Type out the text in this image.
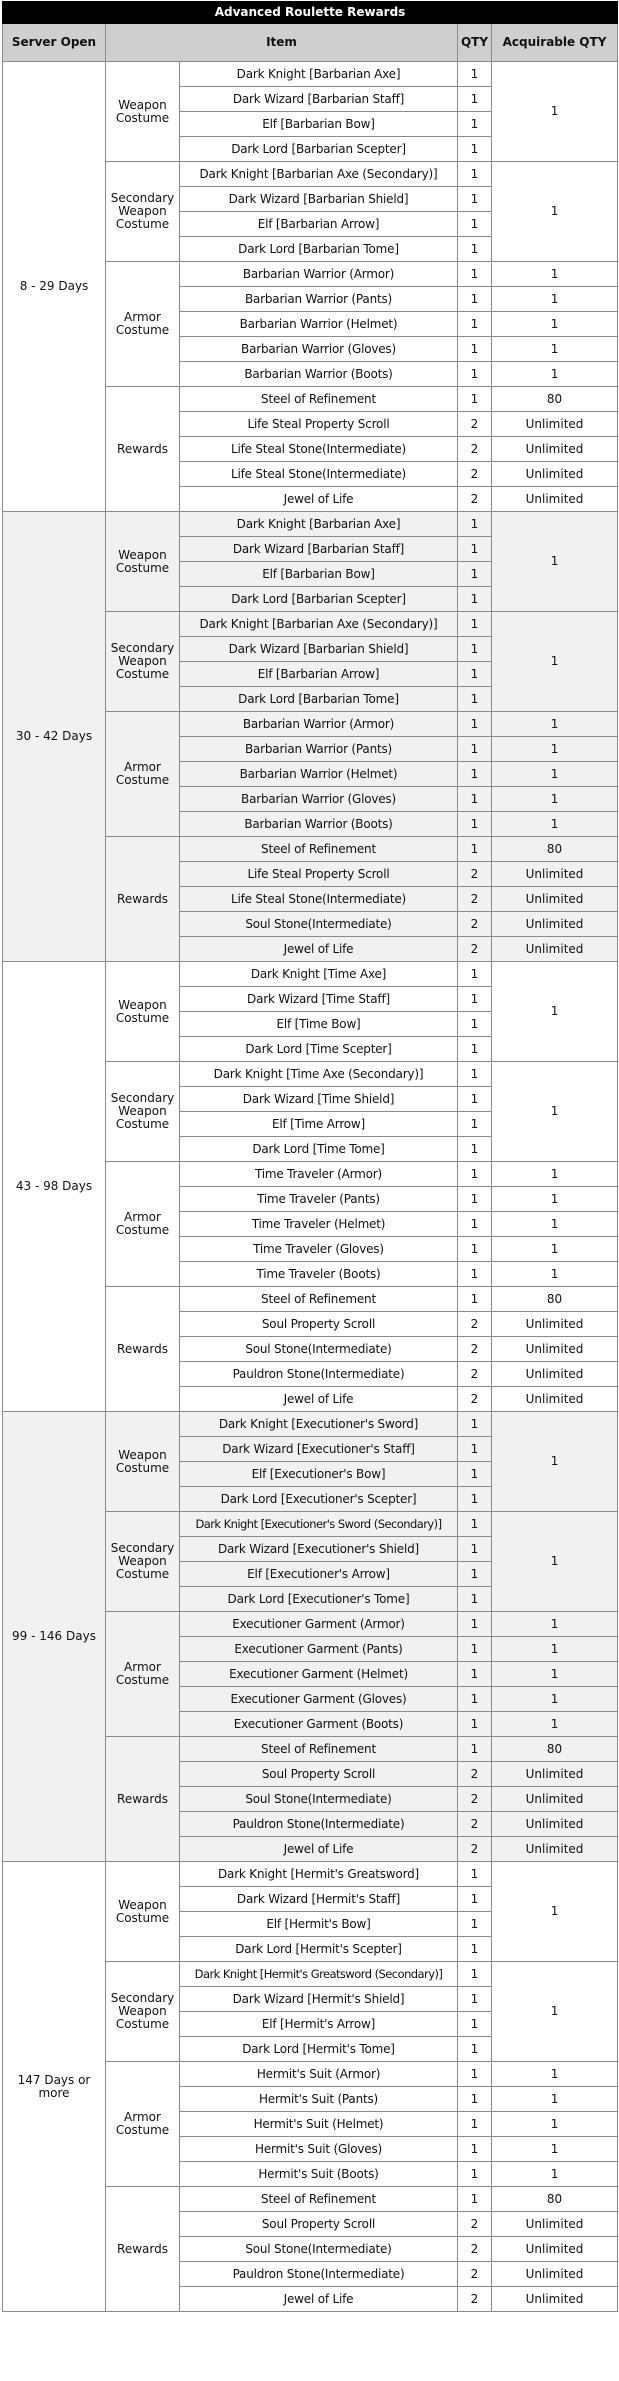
Advanced Roulette Rewards				
Server Open	Item		QTY	Acquirable QTY
8 - 29 Days	Weapon Costume	Dark Knight [Barbarian Axe]	1	1
		Dark Wizard [Barbarian Staff]	1	
		Elf [Barbarian Bow]	1	
		Dark Lord [Barbarian Scepter]	1	
	Secondary Weapon Costume	Dark Knight [Barbarian Axe (Secondary)]	1	1
		Dark Wizard [Barbarian Shield]	1	
		Elf [Barbarian Arrow]	1	
		Dark Lord [Barbarian Tome]	1	
	Armor Costume	Barbarian Warrior (Armor)	1	1
		Barbarian Warrior (Pants)	1	1
		Barbarian Warrior (Helmet)	1	1
		Barbarian Warrior (Gloves)	1	1
		Barbarian Warrior (Boots)	1	1
	Rewards	Steel of Refinement	1	80
		Life Steal Property Scroll	2	Unlimited
		Life Steal Stone(Intermediate)	2	Unlimited
		Life Steal Stone(Intermediate)	2	Unlimited
		Jewel of Life	2	Unlimited
30 - 42 Days	Weapon Costume	Dark Knight [Barbarian Axe]	1	1
		Dark Wizard [Barbarian Staff]	1	
		Elf [Barbarian Bow]	1	
		Dark Lord [Barbarian Scepter]	1	
	Secondary Weapon Costume	Dark Knight [Barbarian Axe (Secondary)]	1	1
		Dark Wizard [Barbarian Shield]	1	
		Elf [Barbarian Arrow]	1	
		Dark Lord [Barbarian Tome]	1	
	Armor Costume	Barbarian Warrior (Armor)	1	1
		Barbarian Warrior (Pants)	1	1
		Barbarian Warrior (Helmet)	1	1
		Barbarian Warrior (Gloves)	1	1
		Barbarian Warrior (Boots)	1	1
	Rewards	Steel of Refinement	1	80
		Life Steal Property Scroll	2	Unlimited
		Life Steal Stone(Intermediate)	2	Unlimited
		Soul Stone(Intermediate)	2	Unlimited
		Jewel of Life	2	Unlimited
43 - 98 Days	Weapon Costume	Dark Knight [Time Axe]	1	1
		Dark Wizard [Time Staff]	1	
		Elf [Time Bow]	1	
		Dark Lord [Time Scepter]	1	
	Secondary Weapon Costume	Dark Knight [Time Axe (Secondary)]	1	1
		Dark Wizard [Time Shield]	1	
		Elf [Time Arrow]	1	
		Dark Lord [Time Tome]	1	
	Armor Costume	Time Traveler (Armor)	1	1
		Time Traveler (Pants)	1	1
		Time Traveler (Helmet)	1	1
		Time Traveler (Gloves)	1	1
		Time Traveler (Boots)	1	1
	Rewards	Steel of Refinement	1	80
		Soul Property Scroll	2	Unlimited
		Soul Stone(Intermediate)	2	Unlimited
		Pauldron Stone(Intermediate)	2	Unlimited
		Jewel of Life	2	Unlimited
99 - 146 Days	Weapon Costume	Dark Knight [Executioner's Sword]	1	1
		Dark Wizard [Executioner's Staff]	1	
		Elf [Executioner's Bow]	1	
		Dark Lord [Executioner's Scepter]	1	
	Secondary Weapon Costume	Dark Knight [Executioner's Sword (Secondary)]	1	1
		Dark Wizard [Executioner's Shield]	1	
		Elf [Executioner's Arrow]	1	
		Dark Lord [Executioner's Tome]	1	
	Armor Costume	Executioner Garment (Armor)	1	1
		Executioner Garment (Pants)	1	1
		Executioner Garment (Helmet)	1	1
		Executioner Garment (Gloves)	1	1
		Executioner Garment (Boots)	1	1
	Rewards	Steel of Refinement	1	80
		Soul Property Scroll	2	Unlimited
		Soul Stone(Intermediate)	2	Unlimited
		Pauldron Stone(Intermediate)	2	Unlimited
		Jewel of Life	2	Unlimited
147 Days or more	Weapon Costume	Dark Knight [Hermit's Greatsword]	1	1
		Dark Wizard [Hermit's Staff]	1	
		Elf [Hermit's Bow]	1	
		Dark Lord [Hermit's Scepter]	1	
	Secondary Weapon Costume	Dark Knight [Hermit's Greatsword (Secondary)]	1	1
		Dark Wizard [Hermit's Shield]	1	
		Elf [Hermit's Arrow]	1	
		Dark Lord [Hermit's Tome]	1	
	Armor Costume	Hermit's Suit (Armor)	1	1
		Hermit's Suit (Pants)	1	1
		Hermit's Suit (Helmet)	1	1
		Hermit's Suit (Gloves)	1	1
		Hermit's Suit (Boots)	1	1
	Rewards	Steel of Refinement	1	80
		Soul Property Scroll	2	Unlimited
		Soul Stone(Intermediate)	2	Unlimited
		Pauldron Stone(Intermediate)	2	Unlimited
		Jewel of Life	2	Unlimited
